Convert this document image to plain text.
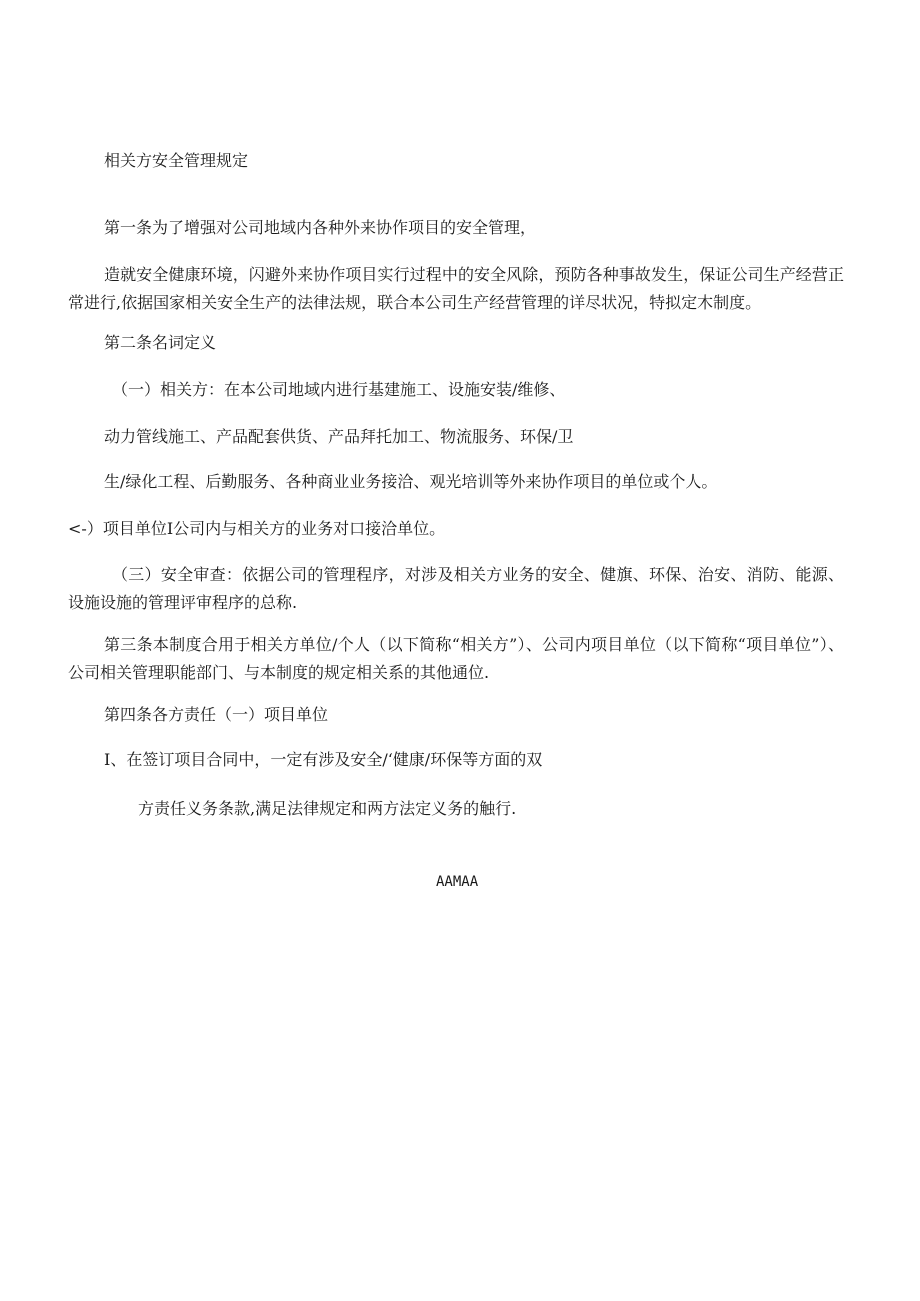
相关方安全管理规定
第一条为了增强对公司地域内各种外来协作项目的安全管理，
造就安全健康环境，闪避外来协作项目实行过程中的安全风除，预防各种事故发生，保证公司生产经营正常进行,依据国家相关安全生产的法律法规，联合本公司生产经营管理的详尽状况，特拟定木制度。
第二条名词定义
（一）相关方：在本公司地域内进行基建施工、设施安装/维修、
动力管线施工、产品配套供货、产品拜托加工、物流服务、环保/卫
生/绿化工程、后勤服务、各种商业业务接洽、观光培训等外来协作项目的单位或个人。
<-）项目单位I公司内与相关方的业务对口接洽单位。
（三）安全审查：依据公司的管理程序，对涉及相关方业务的安全、健旗、环保、治安、消防、能源、设施设施的管理评审程序的总称.
第三条本制度合用于相关方单位/个人（以下简称“相关方”）、公司内项目单位（以下简称“项目单位”）、公司相关管理职能部门、与本制度的规定相关系的其他通位.
第四条各方责任（一）项目单位
I、在签订项目合同中，一定有涉及安全/‘健康/环保等方面的双
方责任义务条款,满足法律规定和两方法定义务的触行.
AAMAA
